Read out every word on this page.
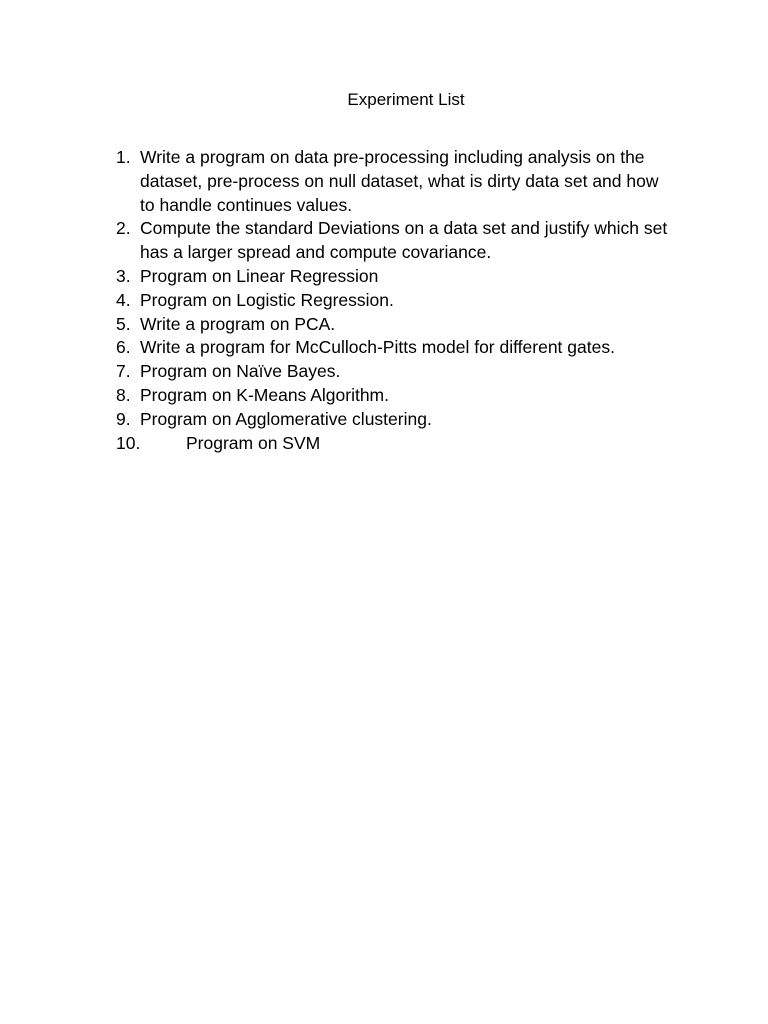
Experiment List
1. Write a program on data pre-processing including analysis on the dataset, pre-process on null dataset, what is dirty data set and how to handle continues values.
2. Compute the standard Deviations on a data set and justify which set has a larger spread and compute covariance.
3. Program on Linear Regression
4. Program on Logistic Regression.
5. Write a program on PCA.
6. Write a program for McCulloch-Pitts model for different gates.
7. Program on Naïve Bayes.
8. Program on K-Means Algorithm.
9. Program on Agglomerative clustering.
10.	Program on SVM
